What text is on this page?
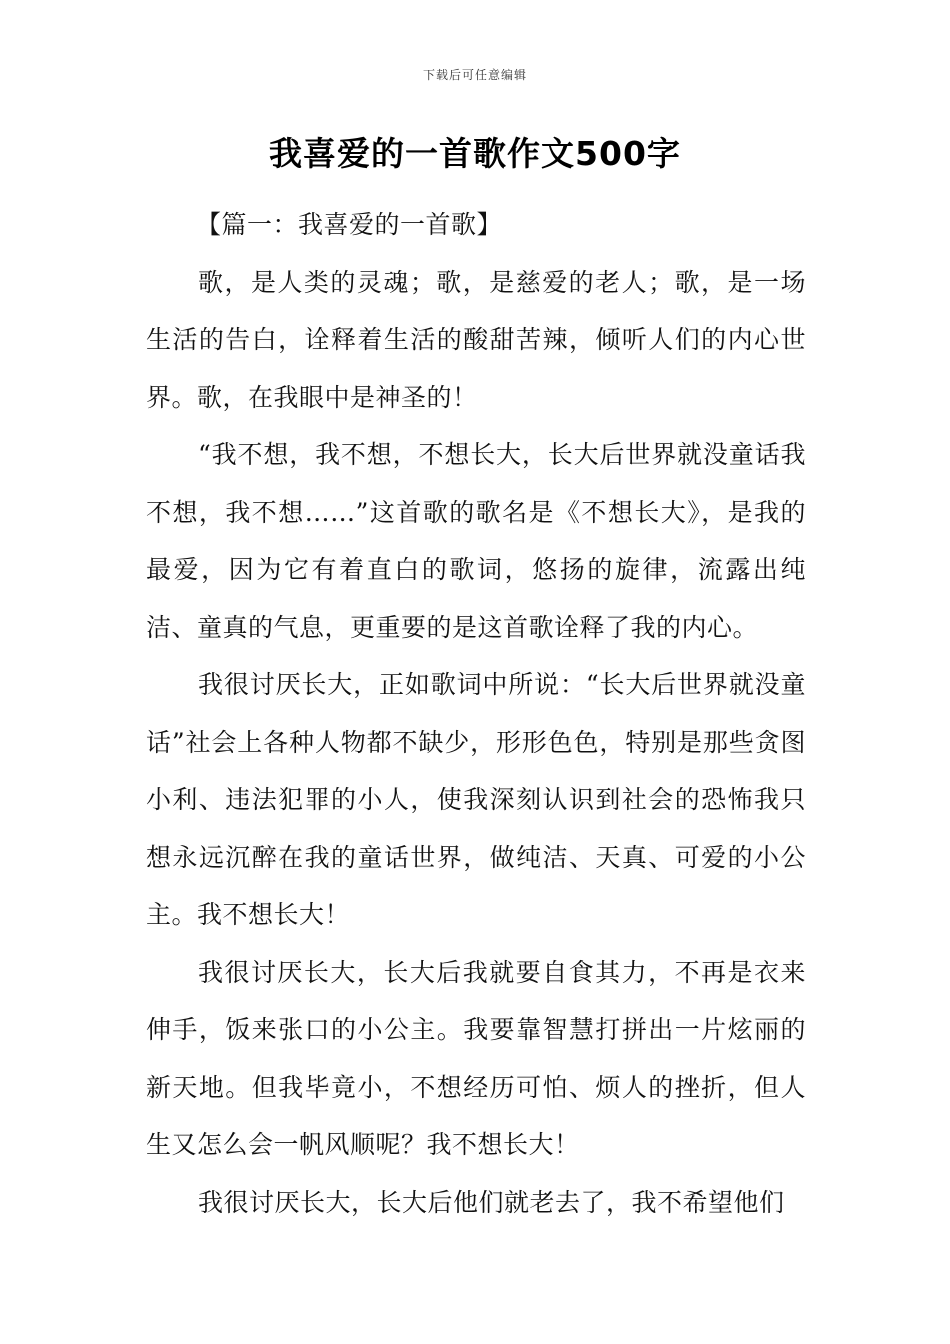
下载后可任意编辑
我喜爱的一首歌作文500字

【篇一：我喜爱的一首歌】

歌，是人类的灵魂；歌，是慈爱的老人；歌，是一场生活的告白，诠释着生活的酸甜苦辣，倾听人们的内心世界。歌，在我眼中是神圣的！

“我不想，我不想，不想长大，长大后世界就没童话我不想，我不想……”这首歌的歌名是《不想长大》，是我的最爱，因为它有着直白的歌词，悠扬的旋律，流露出纯洁、童真的气息，更重要的是这首歌诠释了我的内心。

我很讨厌长大，正如歌词中所说：“长大后世界就没童话”社会上各种人物都不缺少，形形色色，特别是那些贪图小利、违法犯罪的小人，使我深刻认识到社会的恐怖我只想永远沉醉在我的童话世界，做纯洁、天真、可爱的小公主。我不想长大！

我很讨厌长大，长大后我就要自食其力，不再是衣来伸手，饭来张口的小公主。我要靠智慧打拼出一片炫丽的新天地。但我毕竟小，不想经历可怕、烦人的挫折，但人生又怎么会一帆风顺呢？我不想长大！

我很讨厌长大，长大后他们就老去了，我不希望他们
